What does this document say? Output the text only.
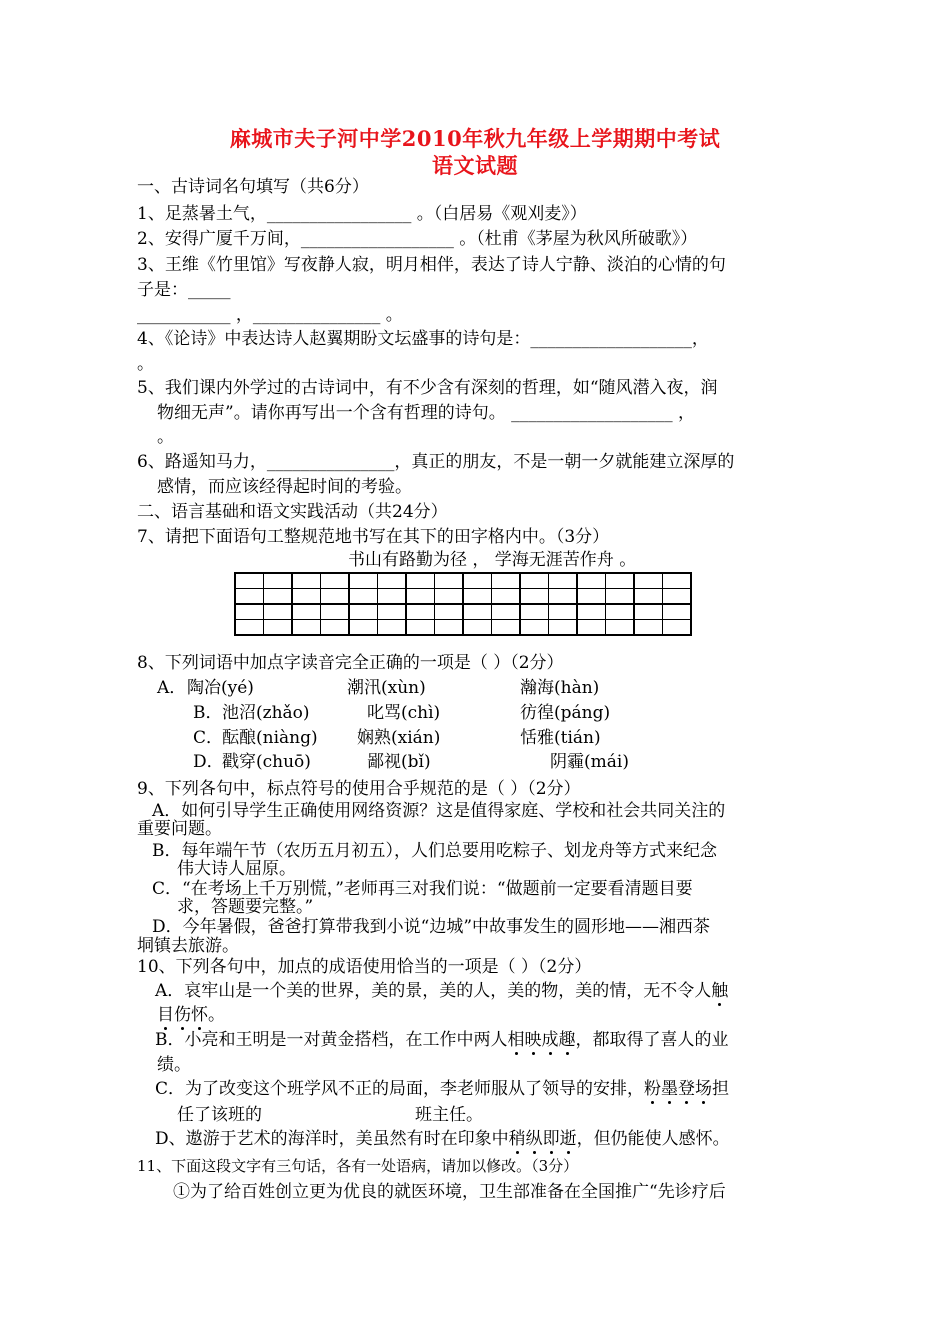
麻城市夫子河中学2010年秋九年级上学期期中考试
语文试题
一、古诗词名句填写（共6分）
1、足蒸暑土气，_________________ 。（白居易《观刈麦》）
2、安得广厦千万间，__________________ 。（杜甫《茅屋为秋风所破歌》）
3、王维《竹里馆》写夜静人寂，明月相伴，表达了诗人宁静、淡泊的心情的句
子是：_____
___________ ，_______________ 。
4、《论诗》中表达诗人赵翼期盼文坛盛事的诗句是：___________________，
。
5、我们课内外学过的古诗词中，有不少含有深刻的哲理，如“随风潜入夜，润
物细无声”。请你再写出一个含有哲理的诗句。 ___________________ ，
。
6、路遥知马力，_______________，真正的朋友，不是一朝一夕就能建立深厚的
感情，而应该经得起时间的考验。
二、语言基础和语文实践活动（共24分）
7、请把下面语句工整规范地书写在其下的田字格内中。（3分）
书山有路勤为径 ， 学海无涯苦作舟 。

8、下列词语中加点字读音完全正确的一项是（ ）（2分）
A． 陶冶(yé)	潮汛(xùn)	瀚海(hàn)
B． 池沼(zhǎo)	叱骂(chì)	彷徨(páng)
C．
酝酿(niàng) 娴熟(xián)	恬雅(tián)
D．
戳穿(chuō)	鄙视(bǐ)	阴霾(mái)
9、下列各句中，标点符号的使用合乎规范的是（ ）（2分）
A．如何引导学生正确使用网络资源？这是值得家庭、学校和社会共同关注的
重要问题。
B．每年端午节（农历五月初五），人们总要用吃粽子、划龙舟等方式来纪念
伟大诗人屈原。
C．“在考场上千万别慌，”老师再三对我们说：“做题前一定要看清题目要
求，答题要完整。”
D．今年暑假，爸爸打算带我到小说“边城”中故事发生的圆形地——湘西茶
垌镇去旅游。
10、下列各句中，加点的成语使用恰当的一项是（ ）（2分）
A．哀牢山是一个美的世界，美的景，美的人，美的物，美的情，无不令人触
目伤怀。
B．小亮和王明是一对黄金搭档，在工作中两人相映成趣，都取得了喜人的业
绩。
C．为了改变这个班学风不正的局面，李老师服从了领导的安排，粉墨登场担
任了该班的	班主任。
D、遨游于艺术的海洋时，美虽然有时在印象中稍纵即逝，但仍能使人感怀。
11、下面这段文字有三句话，各有一处语病，请加以修改。（3分）
①为了给百姓创立更为优良的就医环境，卫生部准备在全国推广“先诊疗后
